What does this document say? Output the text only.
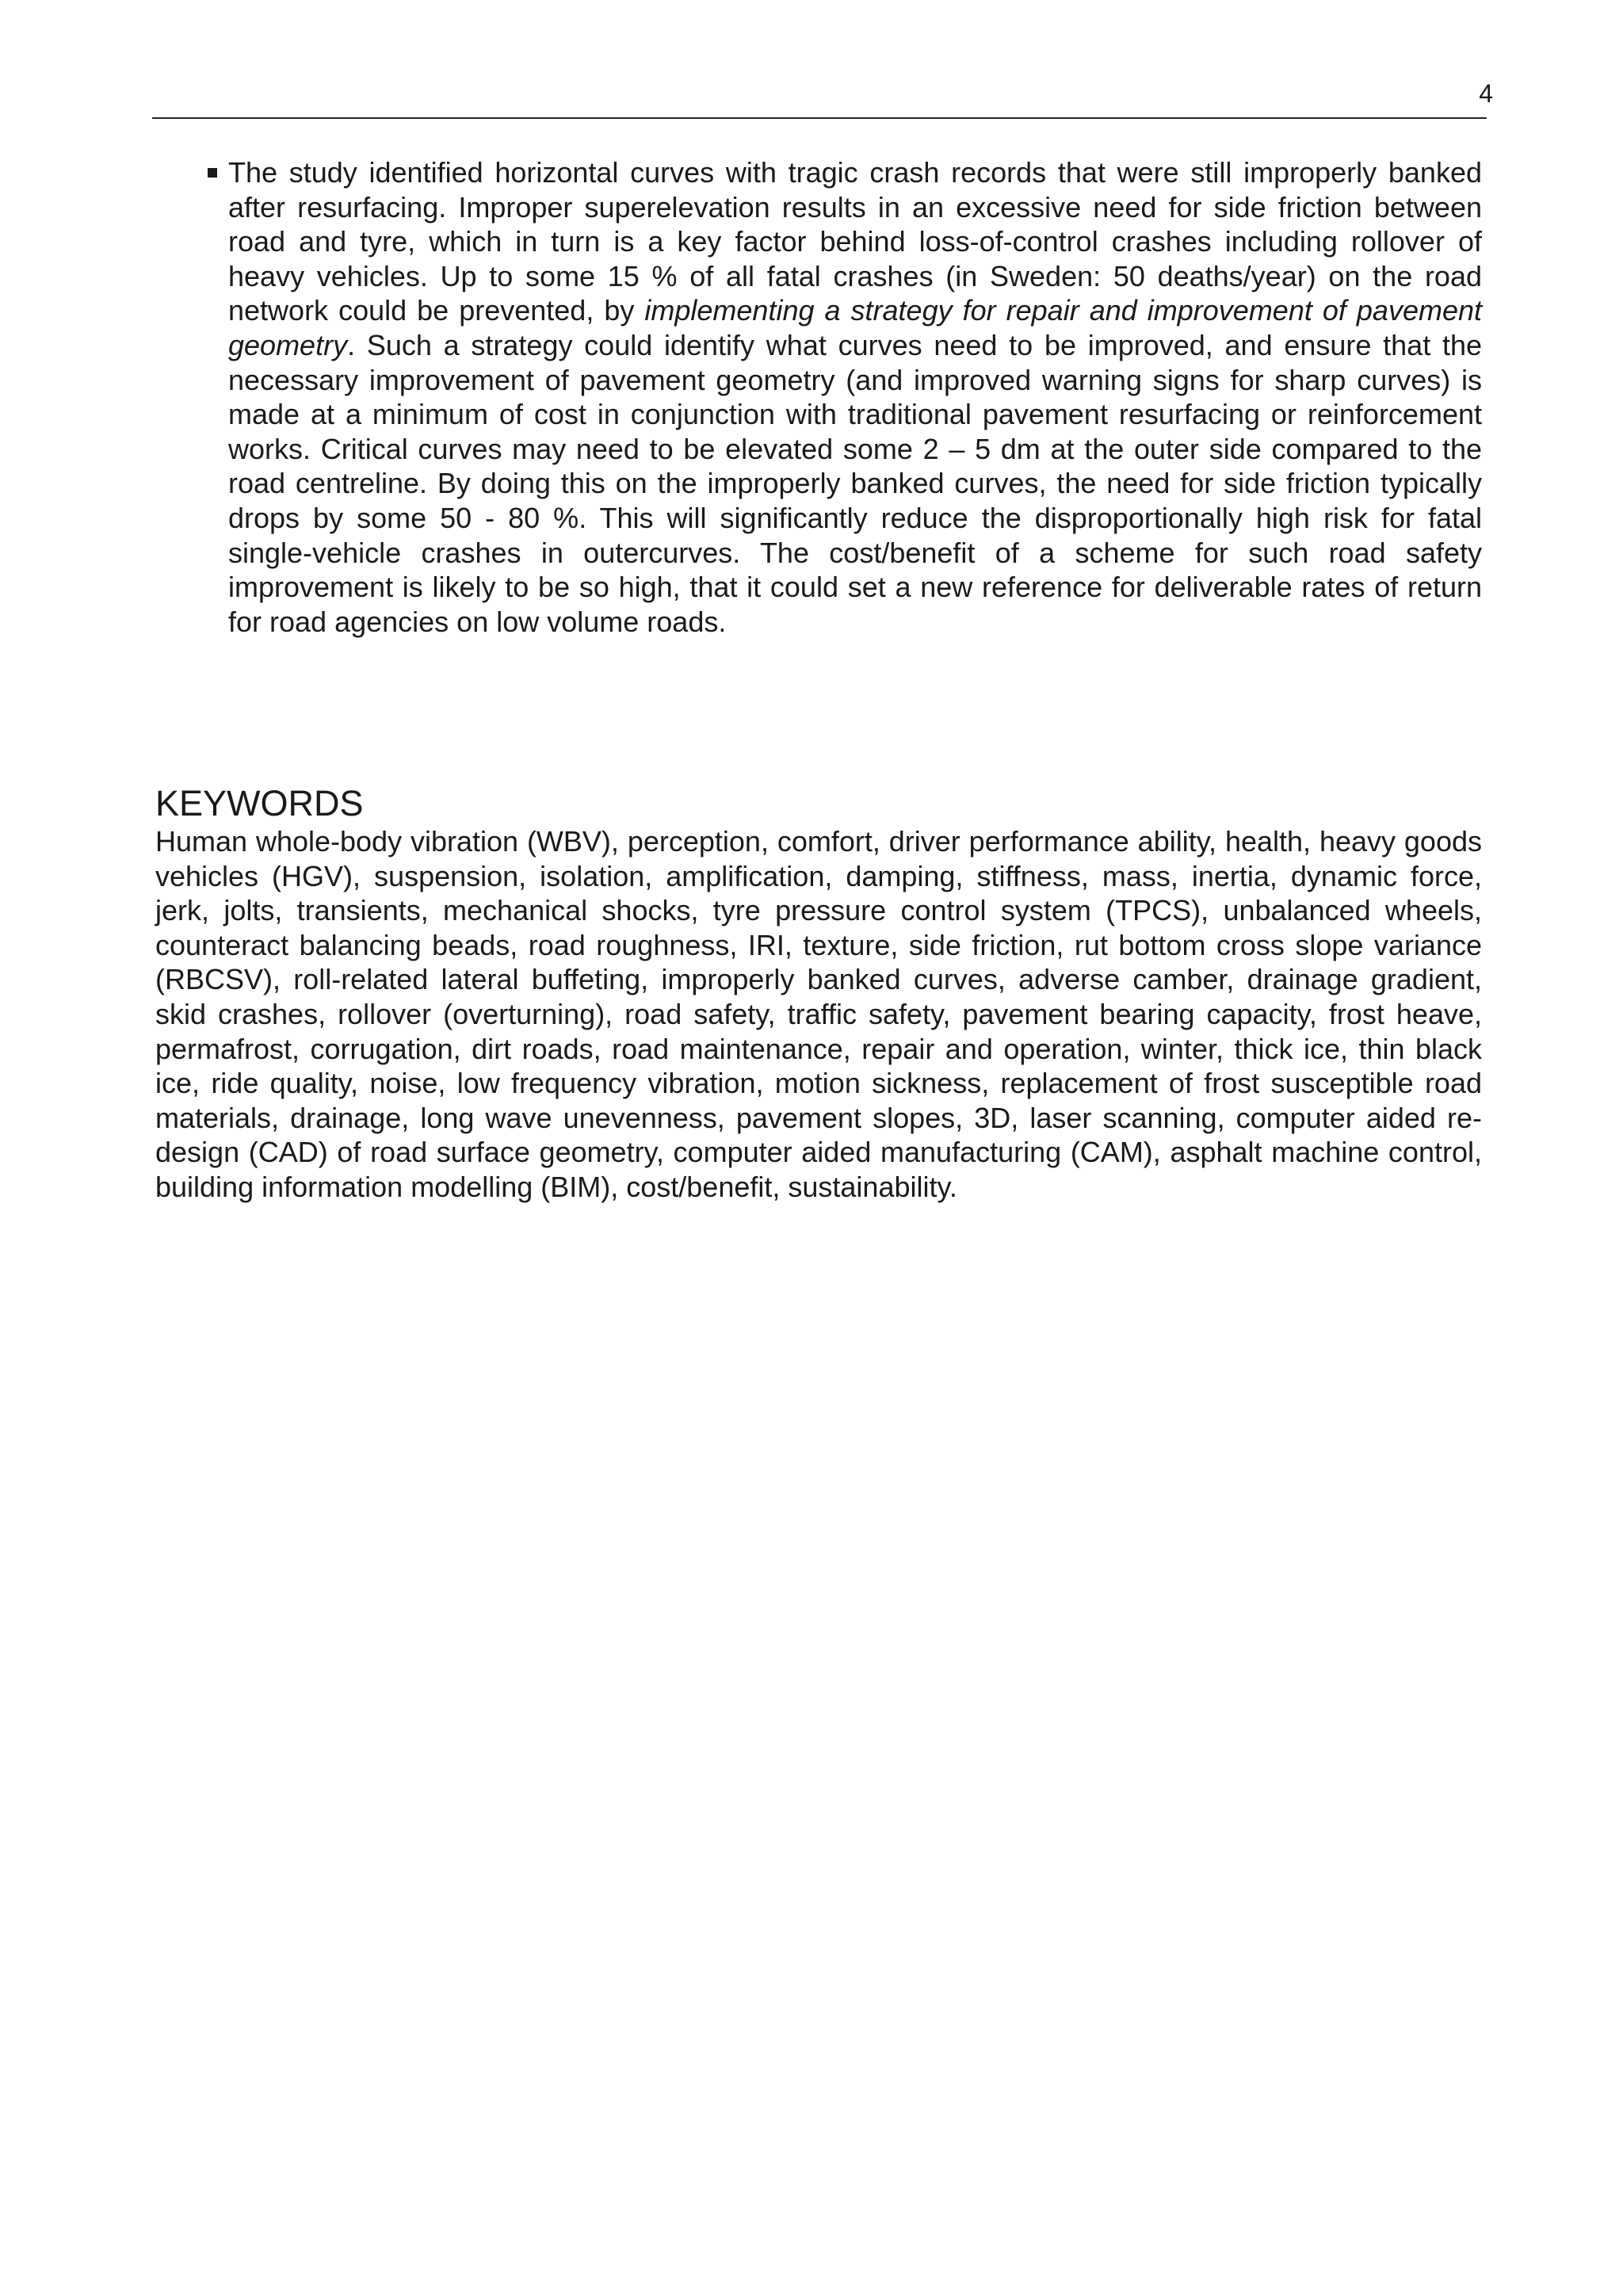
4

The study identified horizontal curves with tragic crash records that were still improperly banked after resurfacing. Improper superelevation results in an excessive need for side friction between road and tyre, which in turn is a key factor behind loss-of-control crashes including rollover of heavy vehicles. Up to some 15 % of all fatal crashes (in Sweden: 50 deaths/year) on the road network could be prevented, by implementing a strategy for repair and improvement of pavement geometry. Such a strategy could identify what curves need to be improved, and ensure that the necessary improvement of pavement geometry (and improved warning signs for sharp curves) is made at a minimum of cost in conjunction with traditional pavement resurfacing or reinforcement works. Critical curves may need to be elevated some 2 – 5 dm at the outer side compared to the road centreline. By doing this on the improperly banked curves, the need for side friction typically drops by some 50 - 80 %. This will significantly reduce the disproportionally high risk for fatal single-vehicle crashes in outercurves. The cost/benefit of a scheme for such road safety improvement is likely to be so high, that it could set a new reference for deliverable rates of return for road agencies on low volume roads.

KEYWORDS

Human whole-body vibration (WBV), perception, comfort, driver performance ability, health, heavy goods vehicles (HGV), suspension, isolation, amplification, damping, stiffness, mass, inertia, dynamic force, jerk, jolts, transients, mechanical shocks, tyre pressure control system (TPCS), unbalanced wheels, counteract balancing beads, road roughness, IRI, texture, side friction, rut bottom cross slope variance (RBCSV), roll-related lateral buffeting, improperly banked curves, adverse camber, drainage gradient, skid crashes, rollover (overturning), road safety, traffic safety, pavement bearing capacity, frost heave, permafrost, corrugation, dirt roads, road maintenance, repair and operation, winter, thick ice, thin black ice, ride quality, noise, low frequency vibration, motion sickness, replacement of frost susceptible road materials, drainage, long wave unevenness, pavement slopes, 3D, laser scanning, computer aided re-design (CAD) of road surface geometry, computer aided manufacturing (CAM), asphalt machine control, building information modelling (BIM), cost/benefit, sustainability.
